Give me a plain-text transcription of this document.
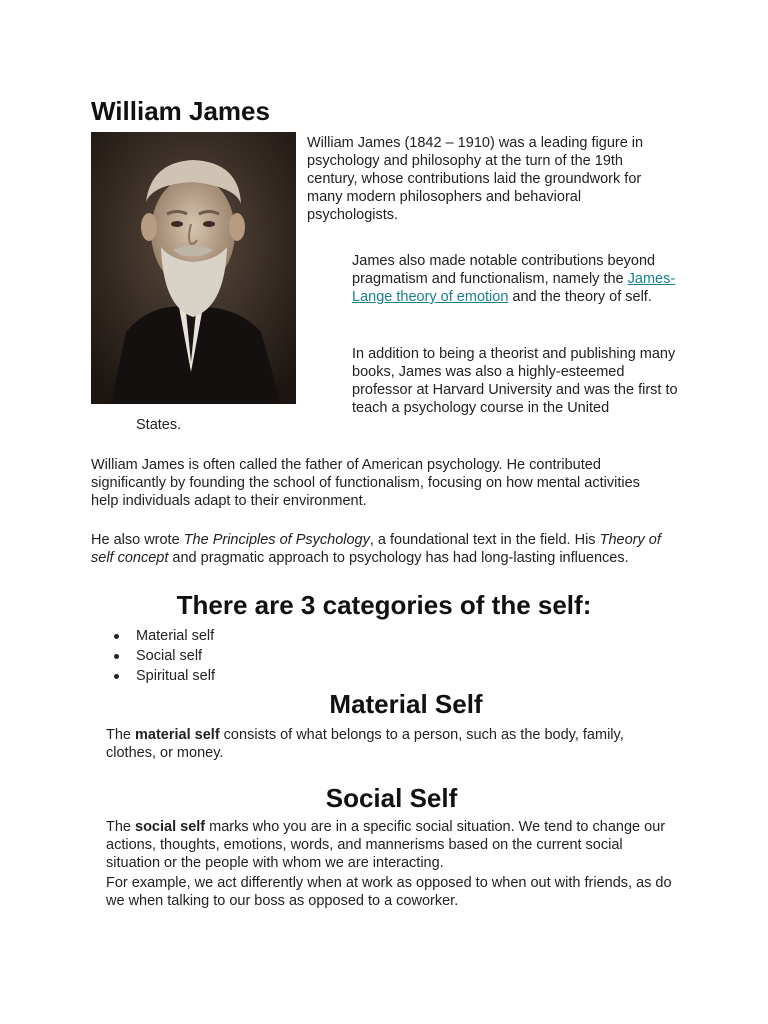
William James

William James (1842 – 1910) was a leading figure in psychology and philosophy at the turn of the 19th century, whose contributions laid the groundwork for many modern philosophers and behavioral psychologists.

James also made notable contributions beyond pragmatism and functionalism, namely the James-Lange theory of emotion and the theory of self.

In addition to being a theorist and publishing many books, James was also a highly-esteemed professor at Harvard University and was the first to teach a psychology course in the United

States.

William James is often called the father of American psychology. He contributed significantly by founding the school of functionalism, focusing on how mental activities help individuals adapt to their environment.

He also wrote The Principles of Psychology, a foundational text in the field. His Theory of self concept and pragmatic approach to psychology has had long-lasting influences.

There are 3 categories of the self:
Material self
Social self
Spiritual self
Material Self

The material self consists of what belongs to a person, such as the body, family, clothes, or money.

Social Self

The social self marks who you are in a specific social situation. We tend to change our actions, thoughts, emotions, words, and mannerisms based on the current social situation or the people with whom we are interacting.

For example, we act differently when at work as opposed to when out with friends, as do we when talking to our boss as opposed to a coworker.
